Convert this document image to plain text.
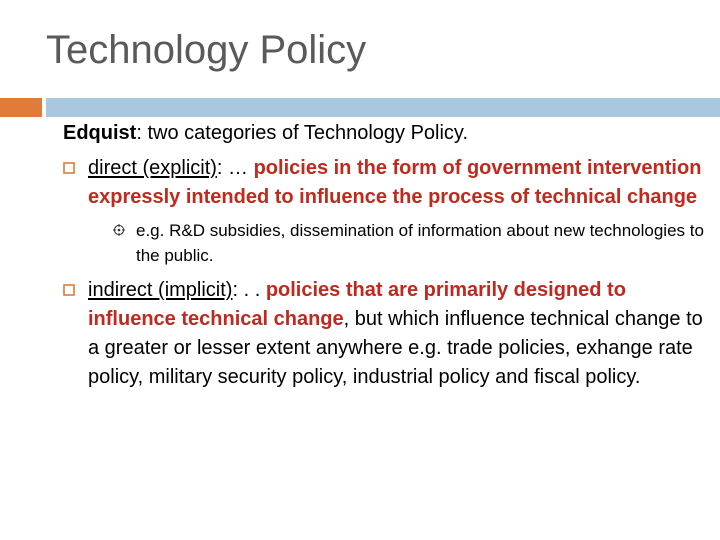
Technology Policy

Edquist: two categories of Technology Policy.

direct (explicit): … policies in the form of government intervention expressly intended to influence the process of technical change
e.g. R&D subsidies, dissemination of information about new technologies to the public.
indirect (implicit): . . policies that are primarily designed to influence technical change, but which influence technical change to a greater or lesser extent anywhere e.g. trade policies, exhange rate policy, military security policy, industrial policy and fiscal policy.
